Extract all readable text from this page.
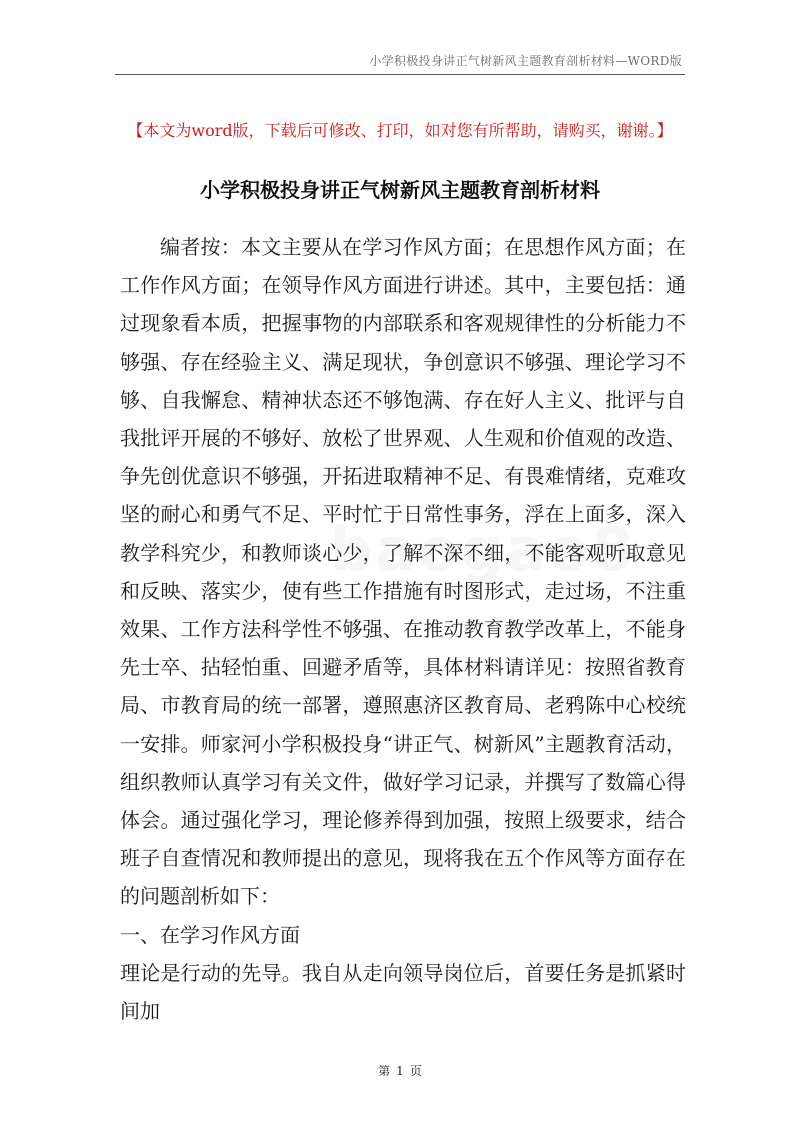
小学积极投身讲正气树新风主题教育剖析材料—WORD版
【本文为word版，下载后可修改、打印，如对您有所帮助，请购买，谢谢。】
小学积极投身讲正气树新风主题教育剖析材料

编者按：本文主要从在学习作风方面；在思想作风方面；在工作作风方面；在领导作风方面进行讲述。其中，主要包括：通过现象看本质，把握事物的内部联系和客观规律性的分析能力不够强、存在经验主义、满足现状，争创意识不够强、理论学习不够、自我懈怠、精神状态还不够饱满、存在好人主义、批评与自我批评开展的不够好、放松了世界观、人生观和价值观的改造、争先创优意识不够强，开拓进取精神不足、有畏难情绪，克难攻坚的耐心和勇气不足、平时忙于日常性事务，浮在上面多，深入教学科究少，和教师谈心少，了解不深不细，不能客观听取意见和反映、落实少，使有些工作措施有时图形式，走过场，不注重效果、工作方法科学性不够强、在推动教育教学改革上，不能身先士卒、拈轻怕重、回避矛盾等，具体材料请详见：按照省教育局、市教育局的统一部署，遵照惠济区教育局、老鸦陈中心校统一安排。师家河小学积极投身“讲正气、树新风”主题教育活动，组织教师认真学习有关文件，做好学习记录，并撰写了数篇心得体会。通过强化学习，理论修养得到加强，按照上级要求，结合班子自查情况和教师提出的意见，现将我在五个作风等方面存在的问题剖析如下：

一、在学习作风方面

理论是行动的先导。我自从走向领导岗位后，首要任务是抓紧时间加

第 1 页
